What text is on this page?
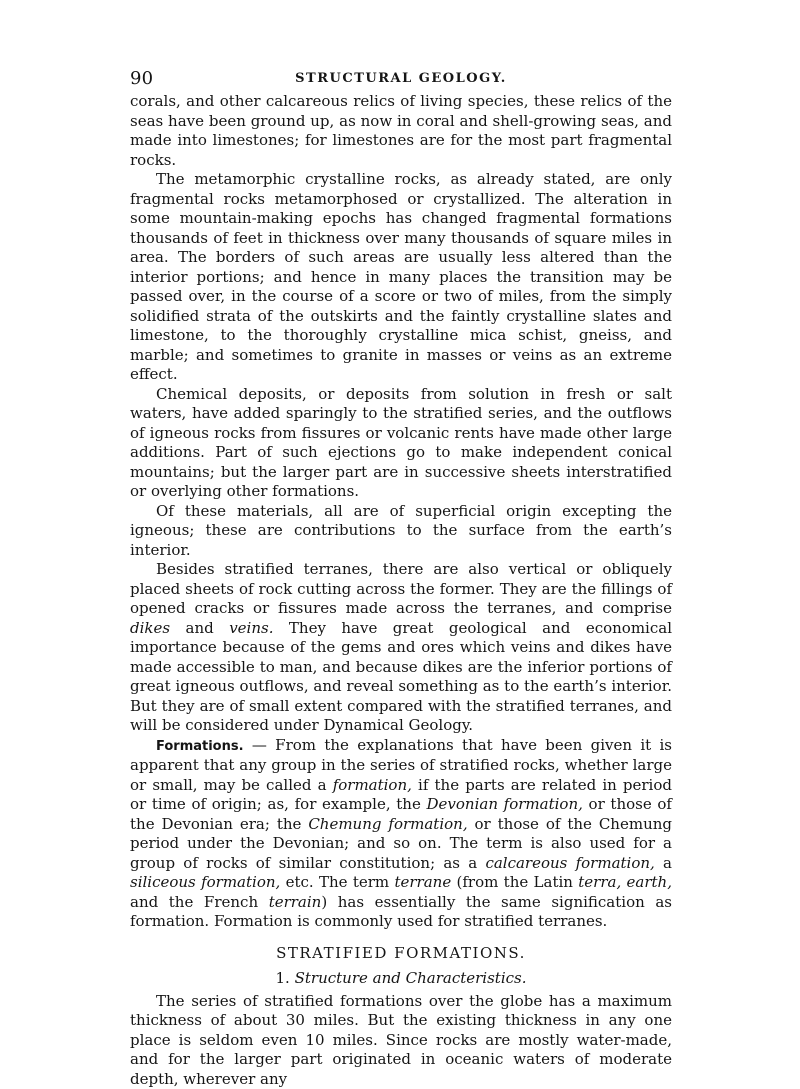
90	STRUCTURAL GEOLOGY.

corals, and other calcareous relics of living species, these relics of the seas have been ground up, as now in coral and shell-growing seas, and made into limestones; for limestones are for the most part fragmental rocks.

The metamorphic crystalline rocks, as already stated, are only fragmental rocks metamorphosed or crystallized. The alteration in some mountain-making epochs has changed fragmental formations thousands of feet in thickness over many thousands of square miles in area. The borders of such areas are usually less altered than the interior portions; and hence in many places the transition may be passed over, in the course of a score or two of miles, from the simply solidified strata of the outskirts and the faintly crystalline slates and limestone, to the thoroughly crystalline mica schist, gneiss, and marble; and sometimes to granite in masses or veins as an extreme effect.

Chemical deposits, or deposits from solution in fresh or salt waters, have added sparingly to the stratified series, and the outflows of igneous rocks from fissures or volcanic rents have made other large additions. Part of such ejections go to make independent conical mountains; but the larger part are in successive sheets interstratified or overlying other formations.

Of these materials, all are of superficial origin excepting the igneous; these are contributions to the surface from the earth’s interior.

Besides stratified terranes, there are also vertical or obliquely placed sheets of rock cutting across the former. They are the fillings of opened cracks or fissures made across the terranes, and comprise dikes and veins. They have great geological and economical importance because of the gems and ores which veins and dikes have made accessible to man, and because dikes are the inferior portions of great igneous outflows, and reveal something as to the earth’s interior. But they are of small extent compared with the stratified terranes, and will be considered under Dynamical Geology.

Formations. — From the explanations that have been given it is apparent that any group in the series of stratified rocks, whether large or small, may be called a formation, if the parts are related in period or time of origin; as, for example, the Devonian formation, or those of the Devonian era; the Chemung formation, or those of the Chemung period under the Devonian; and so on. The term is also used for a group of rocks of similar constitution; as a calcareous formation, a siliceous formation, etc. The term terrane (from the Latin terra, earth, and the French terrain) has essentially the same signification as formation. Formation is commonly used for stratified terranes.

STRATIFIED FORMATIONS.
1. Structure and Characteristics.

The series of stratified formations over the globe has a maximum thickness of about 30 miles. But the existing thickness in any one place is seldom even 10 miles. Since rocks are mostly water-made, and for the larger part originated in oceanic waters of moderate depth, wherever any
